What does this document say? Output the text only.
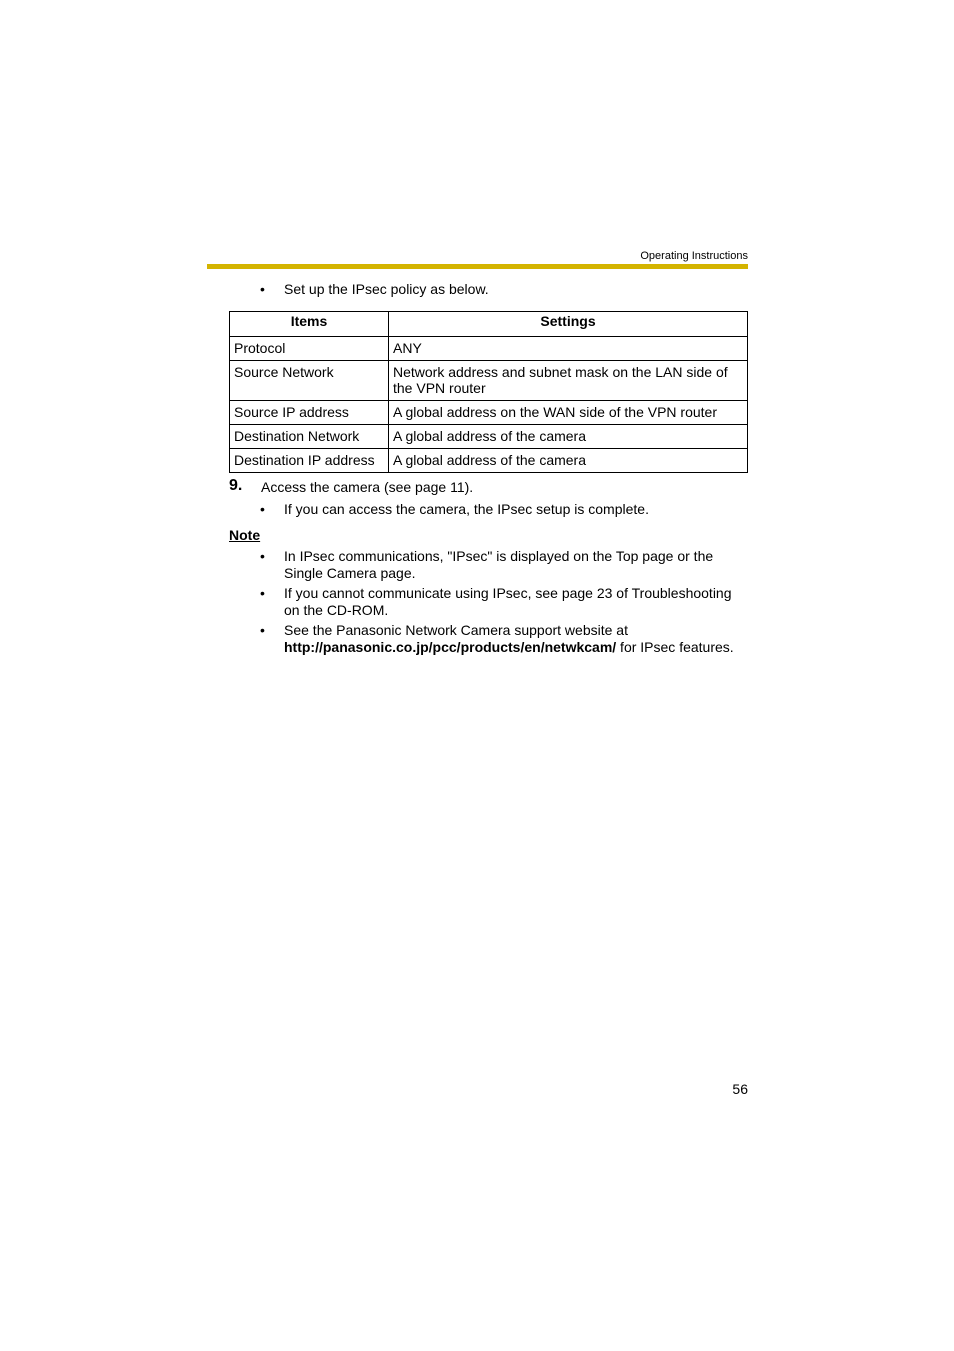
Operating Instructions
• Set up the IPsec policy as below.
Items	Settings
Protocol	ANY
Source Network	Network address and subnet mask on the LAN side of the VPN router
Source IP address	A global address on the WAN side of the VPN router
Destination Network	A global address of the camera
Destination IP address	A global address of the camera
9. Access the camera (see page 11).
• If you can access the camera, the IPsec setup is complete.
Note
• In IPsec communications, "IPsec" is displayed on the Top page or the Single Camera page.
• If you cannot communicate using IPsec, see page 23 of Troubleshooting on the CD-ROM.
• See the Panasonic Network Camera support website at
http://panasonic.co.jp/pcc/products/en/netwkcam/ for IPsec features.
56
